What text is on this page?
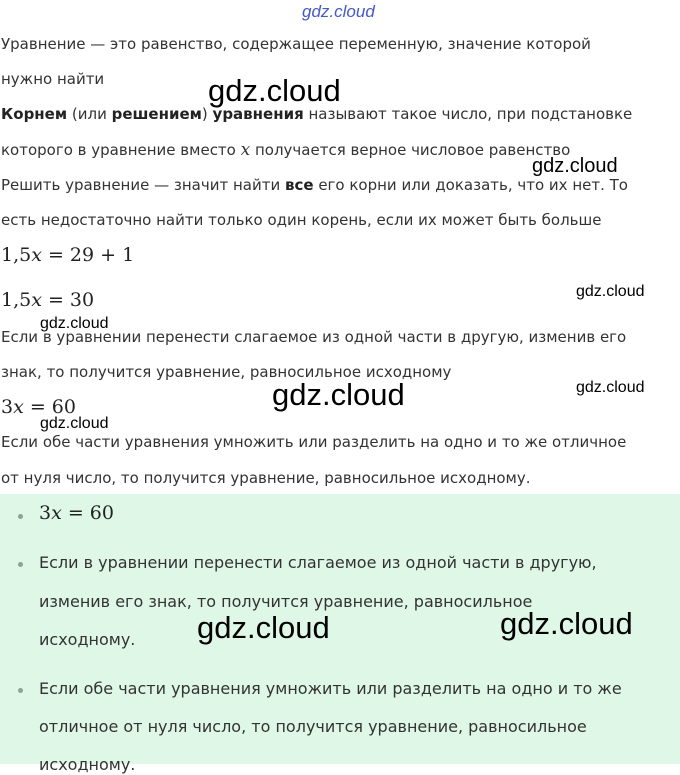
gdz.cloud
Уравнение — это равенство, содержащее переменную, значение которой
нужно найти
Корнем (или решением) уравнения называют такое число, при подстановке
которого в уравнение вместо x получается верное числовое равенство
Решить уравнение — значит найти все его корни или доказать, что их нет. То
есть недостаточно найти только один корень, если их может быть больше
1,5x = 29 + 1
1,5x = 30
Если в уравнении перенести слагаемое из одной части в другую, изменив его
знак, то получится уравнение, равносильное исходному
3x = 60
Если обе части уравнения умножить или разделить на одно и то же отличное
от нуля число, то получится уравнение, равносильное исходному.
3x = 60
Если в уравнении перенести слагаемое из одной части в другую,
изменив его знак, то получится уравнение, равносильное
исходному.
Если обе части уравнения умножить или разделить на одно и то же
отличное от нуля число, то получится уравнение, равносильное
исходному.
gdz.cloud
gdz.cloud
gdz.cloud
gdz.cloud
gdz.cloud	gdz.cloud
gdz.cloud
gdz.cloud	gdz.cloud
